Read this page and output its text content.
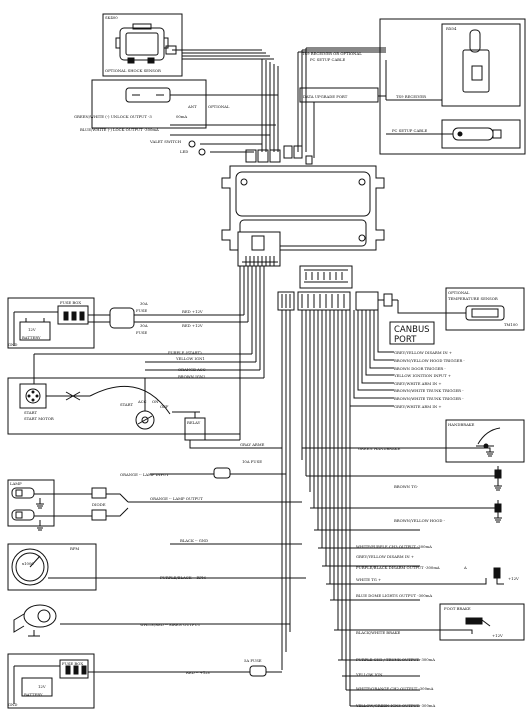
SK400
OPTIONAL SHOCK SENSOR
RX04
TS9 RECEIVER OR OPTIONAL
PC SETUP CABLE
TS9 RECEIVER
PC SETUP CABLE
DATA UPGRADE PORT
ANT	OPTIONAL
GREEN/WHITE (-) UNLOCK OUTPUT -3	00mA
BLUE/WHITE (-) LOCK OUTPUT -300mA
VALET SWITCH
LED
FUSE BOX
12V
BATTERY
GND
30A
FUSE
30A
FUSE
RED +12V
RED +12V
PURPLE (START)
YELLOW IGN1
ORANGE ACC
BROWN IGN2
START
START MOTOR
START
ACC ON
OFF
RELAY
GRAY ARME
10A FUSE
ORANGE -- LAMP INPUT
ORANGE -- LAMP OUTPUT
LAMP
DIODE
BLACK -- GND
RPM
x1000
PURPLE/BLACK -- RPM
WHITE/RED -- SIREN OUTPUT
FUSE BOX
12V
BATTERY
GND
5A FUSE
RED -- +12V
OPTIONAL
TEMPERATURE SENSOR
TM100
CANBUS
PORT
GREY/YELLOW DISARM IN +
BROWN/YELLOW HOOD TRIGGER -
BROWN DOOR TRIGGER -
YELLOW IGNITION INPUT +
GREY/WHITE ARM IN +
BROWN/WHITE TRUNK TRIGGER -
BROWN/WHITE TRUNK TRIGGER -
GREY/WHITE ARM IN +
HANDBRAKE
GREEN HANDBRAKE
BROWN TG-
BROWN/YELLOW HOOD -
WHITE/PURPLE CH3 OUTPUT -300mA
GREY/YELLOW DISARM IN +
PURPLE/BLACK DISARM OUTPUT -300mA	A
WHITE TG +	+12V
BLUE DOME LIGHTS OUTPUT -300mA
FOOT BRAKE
BLACK/WHITE BRAKE
+12V
PURPLE CH1 / TRUNK OUTPUT -300mA
YELLOW IGN
WHITE/ORANGE CH2 OUTPUT -300mA
YELLOW/GREEN IGN3 OUTPUT -300mA
